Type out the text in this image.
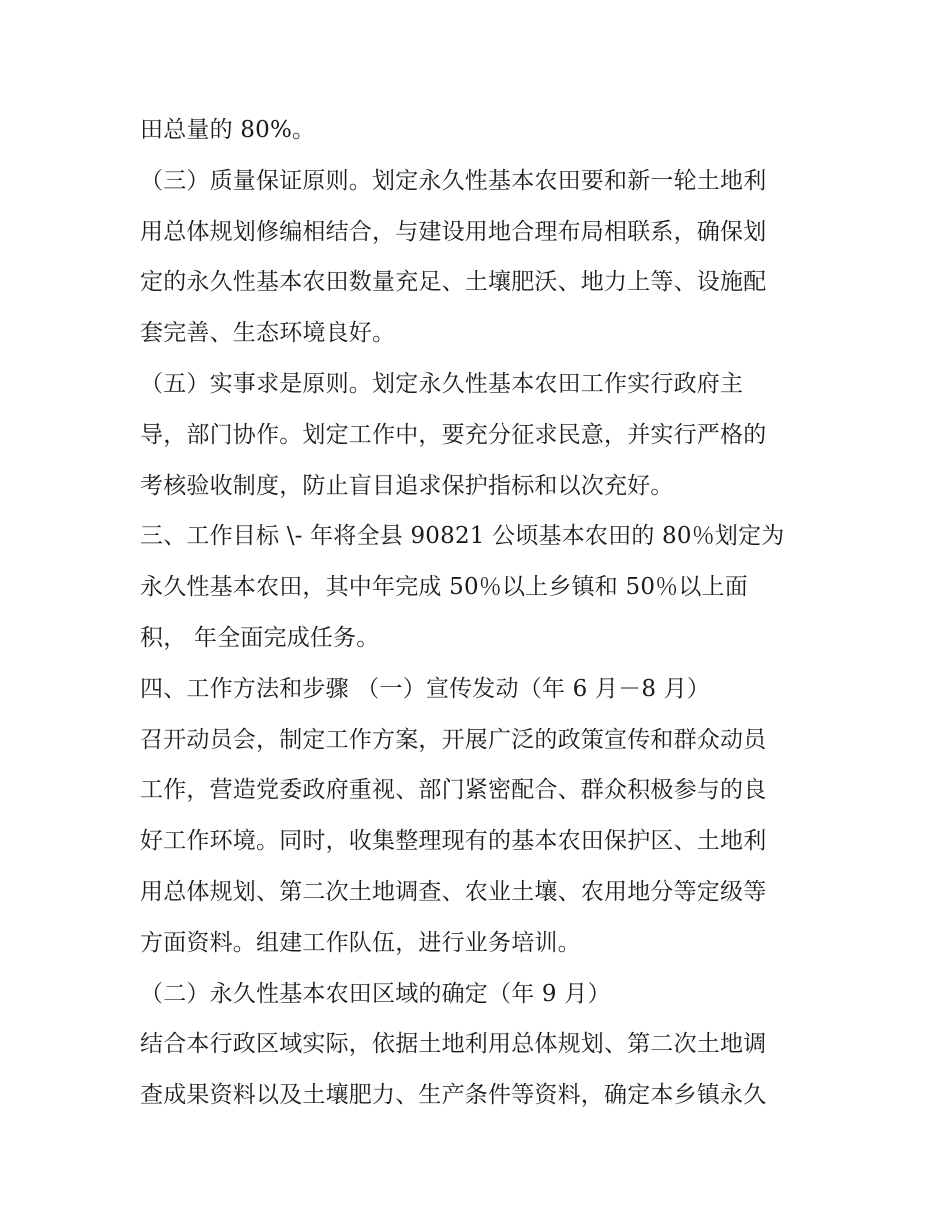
田总量的 80%。
（三）质量保证原则。划定永久性基本农田要和新一轮土地利
用总体规划修编相结合，与建设用地合理布局相联系，确保划
定的永久性基本农田数量充足、土壤肥沃、地力上等、设施配
套完善、生态环境良好。
（五）实事求是原则。划定永久性基本农田工作实行政府主
导，部门协作。划定工作中，要充分征求民意，并实行严格的
考核验收制度，防止盲目追求保护指标和以次充好。
三、工作目标 \- 年将全县 90821 公顷基本农田的 80％划定为
永久性基本农田，其中年完成 50％以上乡镇和 50％以上面
积， 年全面完成任务。
四、工作方法和步骤 （一）宣传发动（年 6 月－8 月）
召开动员会，制定工作方案，开展广泛的政策宣传和群众动员
工作，营造党委政府重视、部门紧密配合、群众积极参与的良
好工作环境。同时，收集整理现有的基本农田保护区、土地利
用总体规划、第二次土地调查、农业土壤、农用地分等定级等
方面资料。组建工作队伍，进行业务培训。
（二）永久性基本农田区域的确定（年 9 月）
结合本行政区域实际，依据土地利用总体规划、第二次土地调
查成果资料以及土壤肥力、生产条件等资料，确定本乡镇永久
